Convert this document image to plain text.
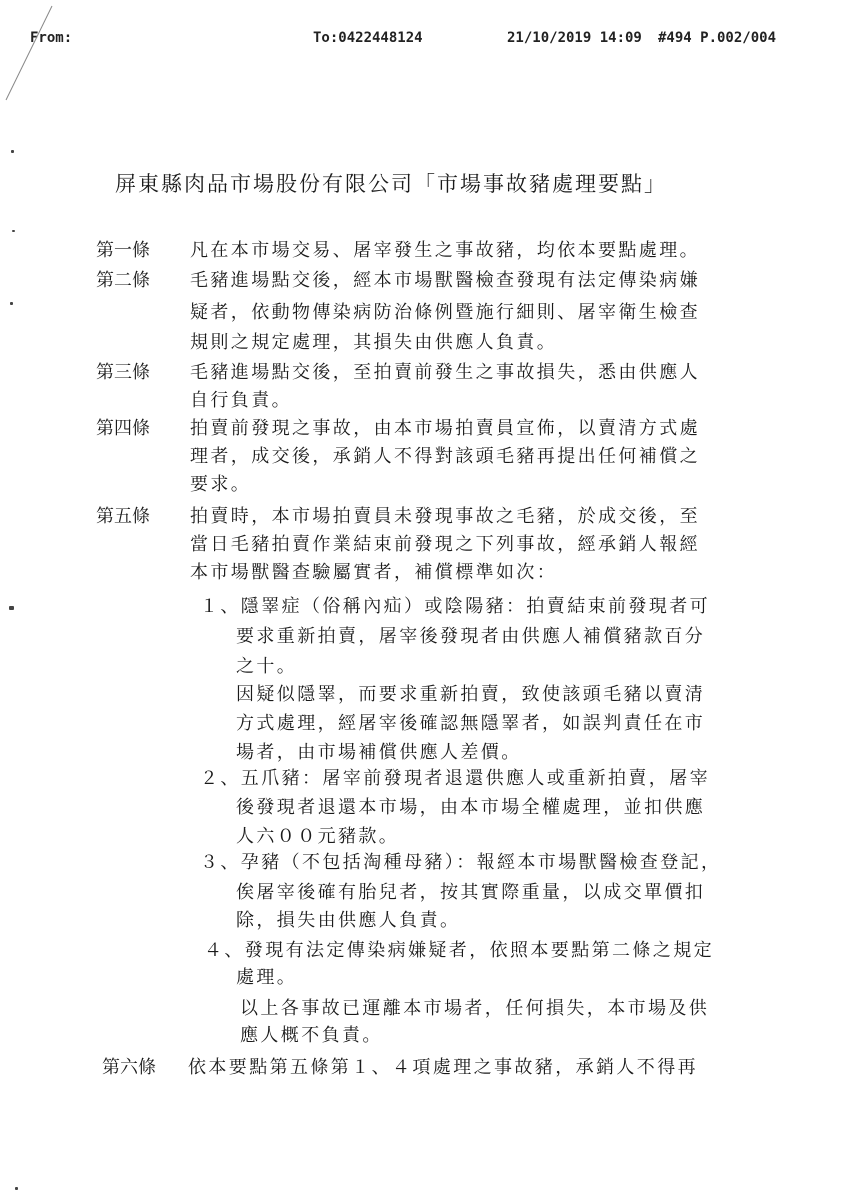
From:	To:0422448124	21/10/2019 14:09 #494 P.002/004
屏東縣肉品市場股份有限公司「市場事故豬處理要點」
第一條 凡在本市場交易、屠宰發生之事故豬，均依本要點處理。
第二條 毛豬進場點交後，經本市場獸醫檢查發現有法定傳染病嫌
疑者，依動物傳染病防治條例暨施行細則、屠宰衛生檢查
規則之規定處理，其損失由供應人負責。
第三條 毛豬進場點交後，至拍賣前發生之事故損失，悉由供應人
自行負責。
第四條 拍賣前發現之事故，由本市場拍賣員宣佈，以賣清方式處
理者，成交後，承銷人不得對該頭毛豬再提出任何補償之
要求。
第五條 拍賣時，本市場拍賣員未發現事故之毛豬，於成交後，至
當日毛豬拍賣作業結束前發現之下列事故，經承銷人報經
本市場獸醫查驗屬實者，補償標準如次：
１、隱睪症（俗稱內疝）或陰陽豬：拍賣結束前發現者可
要求重新拍賣，屠宰後發現者由供應人補償豬款百分
之十。
因疑似隱睪，而要求重新拍賣，致使該頭毛豬以賣清
方式處理，經屠宰後確認無隱睪者，如誤判責任在市
場者，由市場補償供應人差價。
２、五爪豬：屠宰前發現者退還供應人或重新拍賣，屠宰
後發現者退還本市場，由本市場全權處理，並扣供應
人六００元豬款。
３、孕豬（不包括淘種母豬）：報經本市場獸醫檢查登記，
俟屠宰後確有胎兒者，按其實際重量，以成交單價扣
除，損失由供應人負責。
４、發現有法定傳染病嫌疑者，依照本要點第二條之規定
處理。
以上各事故已運離本市場者，任何損失，本市場及供
應人概不負責。
第六條 依本要點第五條第１、４項處理之事故豬，承銷人不得再
